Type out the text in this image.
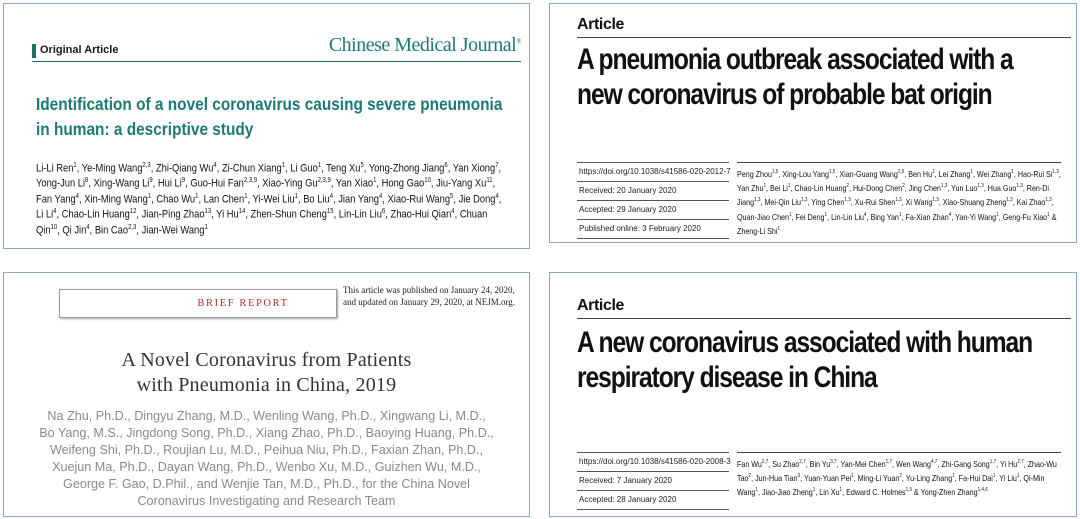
Original Article	Chinese Medical Journal®
Identification of a novel coronavirus causing severe pneumonia in human: a descriptive study
Li-Li Ren$^1$, Ye-Ming Wang$^{2,3}$, Zhi-Qiang Wu$^4$, Zi-Chun Xiang$^1$, Li Guo$^1$, Teng Xu$^5$, Yong-Zhong Jiang$^6$, Yan Xiong$^7$, Yong-Jun Li$^8$, Xing-Wang Li$^9$, Hui Li$^9$, Guo-Hui Fan$^{2,3,9}$, Xiao-Ying Gu$^{2,3,9}$, Yan Xiao$^1$, Hong Gao$^{10}$, Jiu-Yang Xu$^{11}$, Fan Yang$^4$, Xin-Ming Wang$^1$, Chao Wu$^1$, Lan Chen$^1$, Yi-Wei Liu$^1$, Bo Liu$^4$, Jian Yang$^4$, Xiao-Rui Wang$^5$, Jie Dong$^4$, Li Li$^4$, Chao-Lin Huang$^{12}$, Jian-Ping Zhao$^{13}$, Yi Hu$^{14}$, Zhen-Shun Cheng$^{15}$, Lin-Lin Liu$^6$, Zhao-Hui Qian$^4$, Chuan Qin$^{10}$, Qi Jin$^4$, Bin Cao$^{2,3}$, Jian-Wei Wang$^1$
Article
A pneumonia outbreak associated with a
new coronavirus of probable bat origin
https://doi.org/10.1038/s41586-020-2012-7
Received: 20 January 2020
Accepted: 29 January 2020
Published online: 3 February 2020
Peng Zhou$^{1,5}$, Xing-Lou Yang$^{1,5}$, Xian-Guang Wang$^{2,5}$, Ben Hu$^1$, Lei Zhang$^1$, Wei Zhang$^1$, Hao-Rui Si$^{1,3}$, Yan Zhu$^1$, Bei Li$^1$, Chao-Lin Huang$^2$, Hui-Dong Chen$^2$, Jing Chen$^{1,3}$, Yun Luo$^{1,3}$, Hua Guo$^{1,3}$, Ren-Di Jiang$^{1,3}$, Mei-Qin Liu$^{1,3}$, Ying Chen$^{1,3}$, Xu-Rui Shen$^{1,3}$, Xi Wang$^{1,3}$, Xiao-Shuang Zheng$^{1,3}$, Kai Zhao$^{1,3}$, Quan-Jiao Chen$^1$, Fei Deng$^1$, Lin-Lin Liu$^4$, Bing Yan$^1$, Fa-Xian Zhan$^4$, Yan-Yi Wang$^1$, Geng-Fu Xiao$^1$ & Zheng-Li Shi$^1$
BRIEF REPORT
This article was published on January 24, 2020, and updated on January 29, 2020, at NEJM.org.
A Novel Coronavirus from Patients
with Pneumonia in China, 2019
Na Zhu, Ph.D., Dingyu Zhang, M.D., Wenling Wang, Ph.D., Xingwang Li, M.D.,
Bo Yang, M.S., Jingdong Song, Ph.D., Xiang Zhao, Ph.D., Baoying Huang, Ph.D.,
Weifeng Shi, Ph.D., Roujian Lu, M.D., Peihua Niu, Ph.D., Faxian Zhan, Ph.D.,
Xuejun Ma, Ph.D., Dayan Wang, Ph.D., Wenbo Xu, M.D., Guizhen Wu, M.D.,
George F. Gao, D.Phil., and Wenjie Tan, M.D., Ph.D., for the China Novel
Coronavirus Investigating and Research Team
Article
A new coronavirus associated with human
respiratory disease in China
https://doi.org/10.1038/s41586-020-2008-3
Received: 7 January 2020
Accepted: 28 January 2020
Fan Wu$^{2,7}$, Su Zhao$^{2,7}$, Bin Yu$^{3,7}$, Yan-Mei Chen$^{1,7}$, Wen Wang$^{4,7}$, Zhi-Gang Song$^{1,7}$, Yi Hu$^{2,7}$, Zhao-Wu Tao$^2$, Jun-Hua Tian$^3$, Yuan-Yuan Pei$^1$, Ming-Li Yuan$^2$, Yu-Ling Zhang$^1$, Fa-Hui Dai$^1$, Yi Liu$^1$, Qi-Min Wang$^1$, Jiao-Jiao Zheng$^1$, Lin Xu$^1$, Edward C. Holmes$^{1,5}$ & Yong-Zhen Zhang$^{1,4,6}$
